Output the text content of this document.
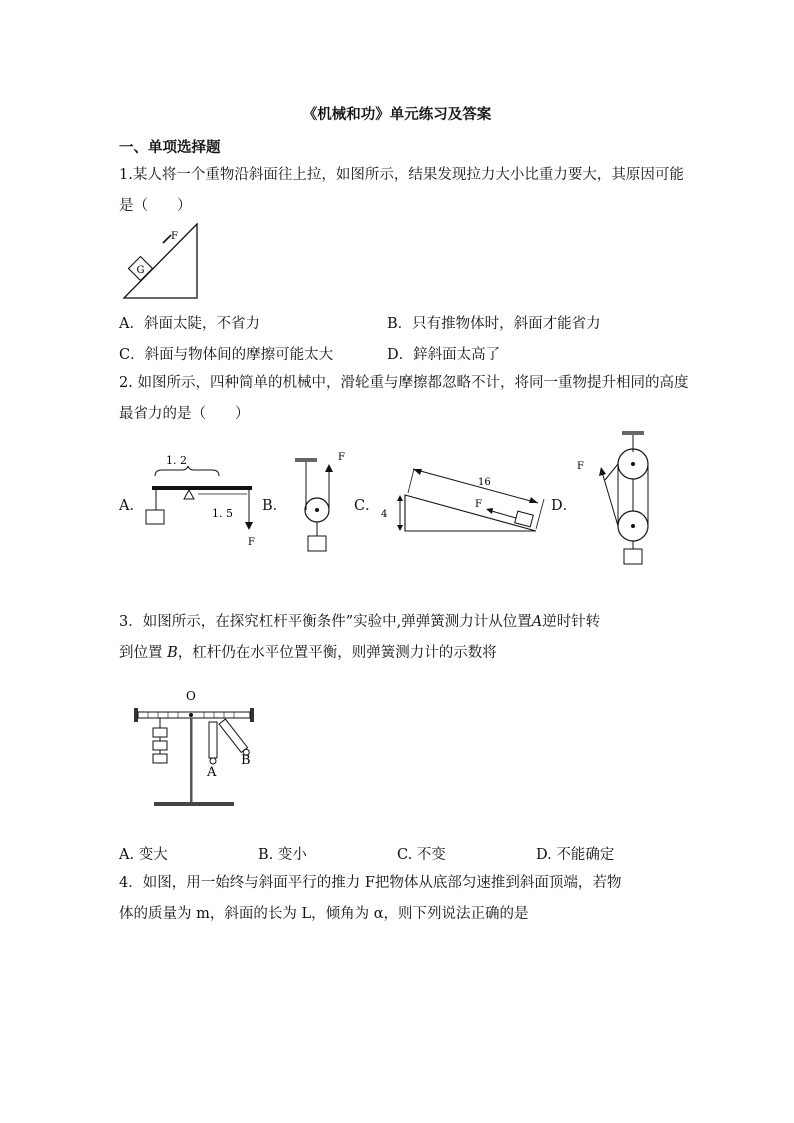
《机械和功》单元练习及答案
一、单项选择题
1.某人将一个重物沿斜面往上拉，如图所示，结果发现拉力大小比重力要大，其原因可能
是（　　）
G
F
A．斜面太陡，不省力	B．只有推物体时，斜面才能省力
C．斜面与物体间的摩擦可能太大	D．鋅斜面太高了
2. 如图所示，四种简单的机械中，滑轮重与摩擦都忽略不计，将同一重物提升相同的高度
最省力的是（　　）
A．	B．	C．	D．
1. 2
1. 5
F
F
16
F
4
F
3．如图所示，在探究杠杆平衡条件”实验中,弹弹簧测力计从位置A逆时针转
到位置 B，杠杆仍在水平位置平衡，则弹簧测力计的示数将
O
A
B
A. 变大	B. 变小	C. 不变	D. 不能确定
4．如图，用一始终与斜面平行的推力 F把物体从底部匀速推到斜面顶端，若物
体的质量为 m，斜面的长为 L，倾角为 α，则下列说法正确的是
